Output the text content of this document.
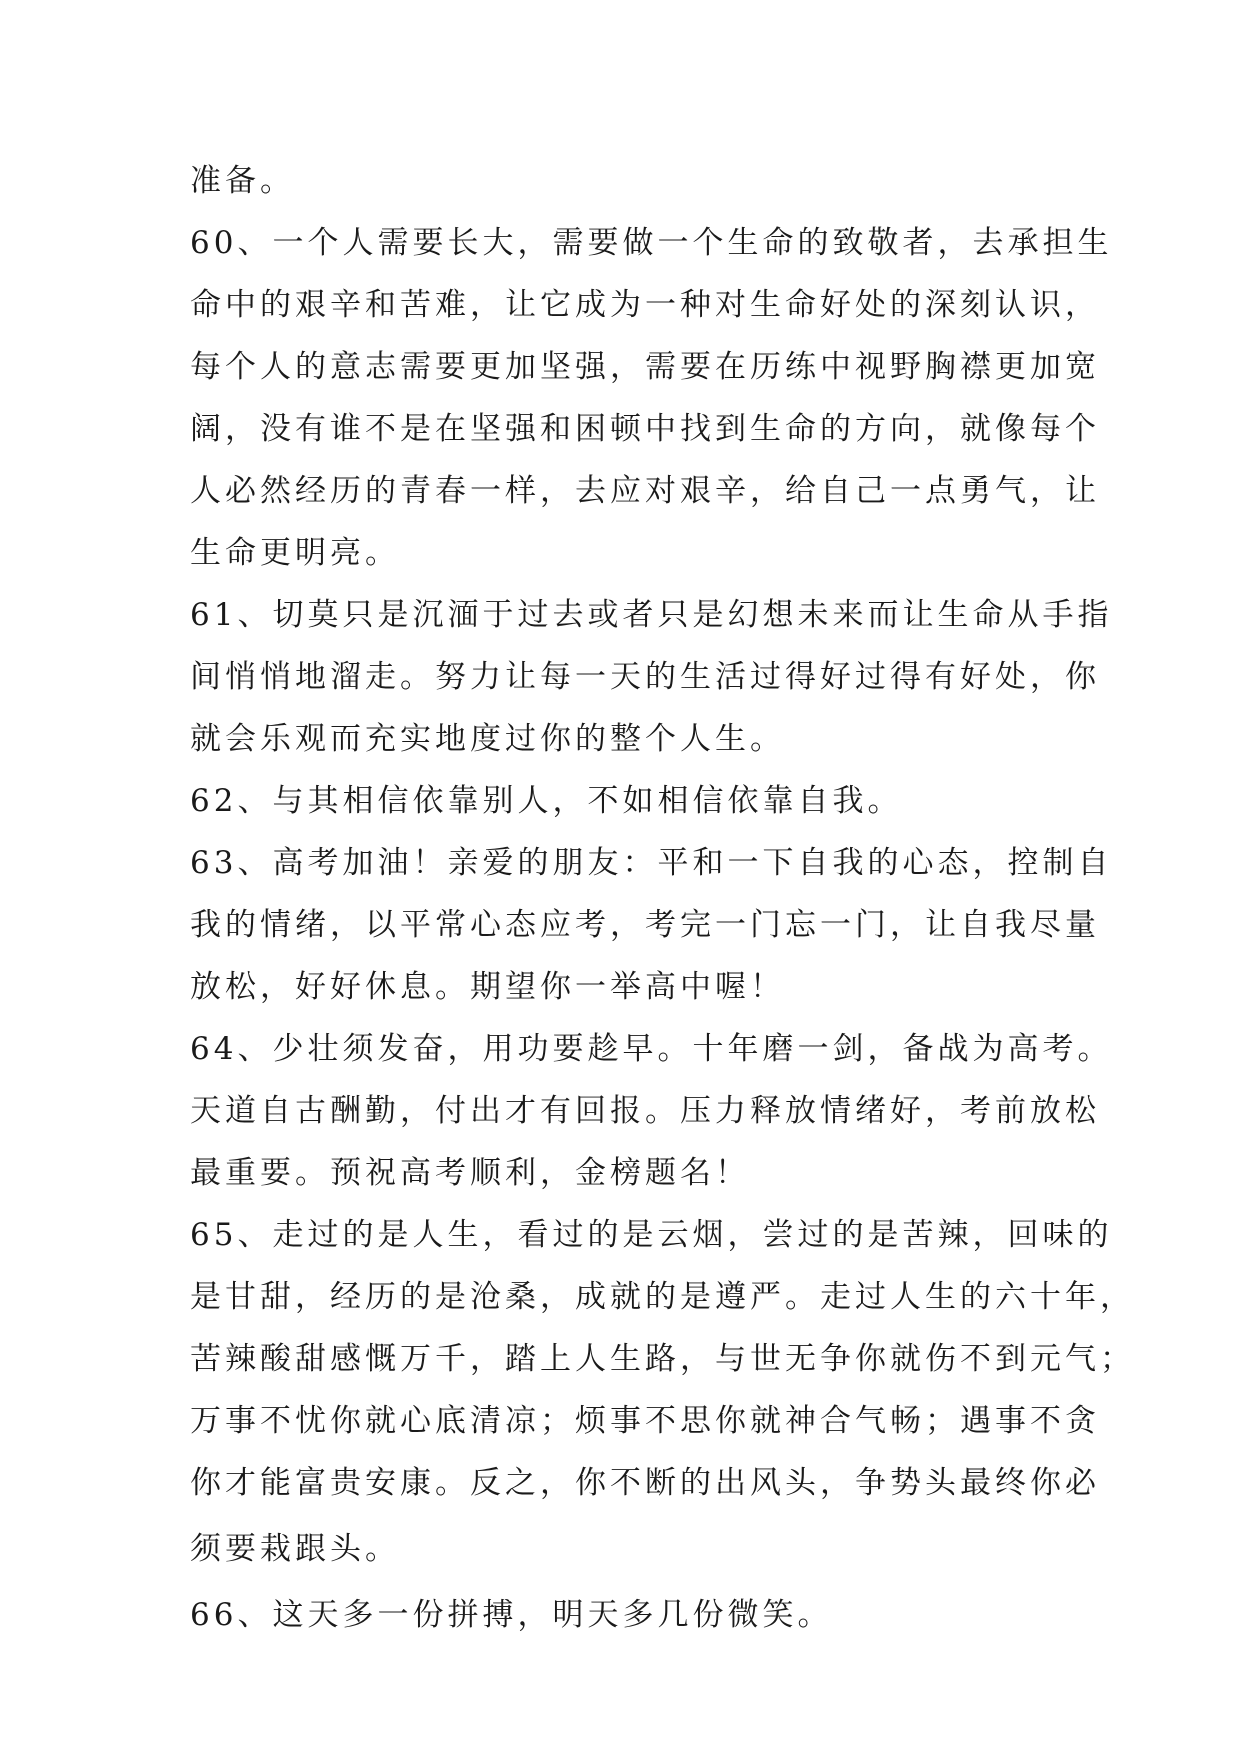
准备。
60、一个人需要长大，需要做一个生命的致敬者，去承担生
命中的艰辛和苦难，让它成为一种对生命好处的深刻认识，
每个人的意志需要更加坚强，需要在历练中视野胸襟更加宽
阔，没有谁不是在坚强和困顿中找到生命的方向，就像每个
人必然经历的青春一样，去应对艰辛，给自己一点勇气，让
生命更明亮。
61、切莫只是沉湎于过去或者只是幻想未来而让生命从手指
间悄悄地溜走。努力让每一天的生活过得好过得有好处，你
就会乐观而充实地度过你的整个人生。
62、与其相信依靠别人，不如相信依靠自我。
63、高考加油！亲爱的朋友：平和一下自我的心态，控制自
我的情绪，以平常心态应考，考完一门忘一门，让自我尽量
放松，好好休息。期望你一举高中喔！
64、少壮须发奋，用功要趁早。十年磨一剑，备战为高考。
天道自古酬勤，付出才有回报。压力释放情绪好，考前放松
最重要。预祝高考顺利，金榜题名！
65、走过的是人生，看过的是云烟，尝过的是苦辣，回味的
是甘甜，经历的是沧桑，成就的是遵严。走过人生的六十年，
苦辣酸甜感慨万千，踏上人生路，与世无争你就伤不到元气；
万事不忧你就心底清凉；烦事不思你就神合气畅；遇事不贪
你才能富贵安康。反之，你不断的出风头，争势头最终你必
须要栽跟头。
66、这天多一份拼搏，明天多几份微笑。
